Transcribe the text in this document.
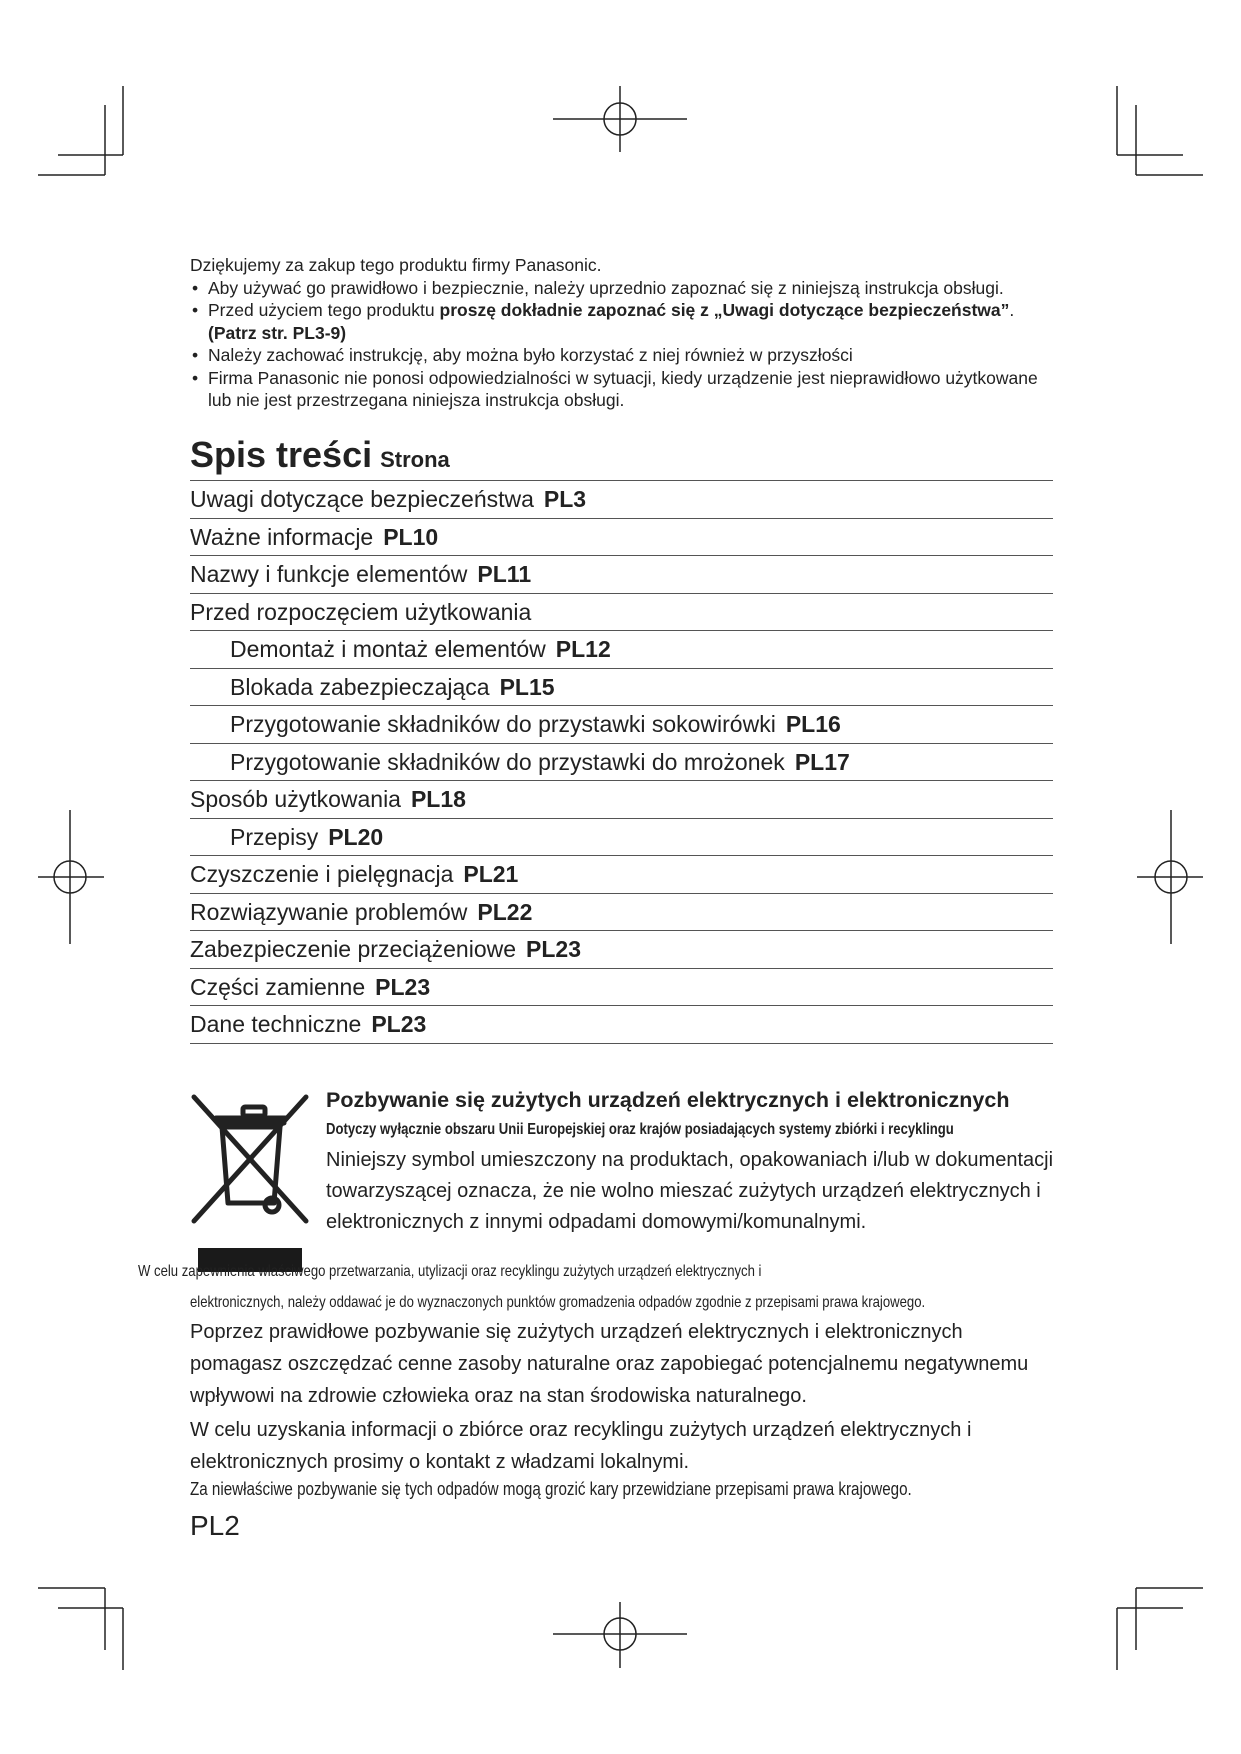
Dziękujemy za zakup tego produktu firmy Panasonic.
• Aby używać go prawidłowo i bezpiecznie, należy uprzednio zapoznać się z niniejszą instrukcja obsługi.
• Przed użyciem tego produktu proszę dokładnie zapoznać się z „Uwagi dotyczące bezpieczeństwa”. (Patrz str. PL3-9)
• Należy zachować instrukcję, aby można było korzystać z niej również w przyszłości
• Firma Panasonic nie ponosi odpowiedzialności w sytuacji, kiedy urządzenie jest nieprawidłowo użytkowane lub nie jest przestrzegana niniejsza instrukcja obsługi.
Spis treści Strona
Uwagi dotyczące bezpieczeństwa PL3
Ważne informacje PL10
Nazwy i funkcje elementów PL11
Przed rozpoczęciem użytkowania
Demontaż i montaż elementów PL12
Blokada zabezpieczająca PL15
Przygotowanie składników do przystawki sokowirówki PL16
Przygotowanie składników do przystawki do mrożonek PL17
Sposób użytkowania PL18
Przepisy PL20
Czyszczenie i pielęgnacja PL21
Rozwiązywanie problemów PL22
Zabezpieczenie przeciążeniowe PL23
Części zamienne PL23
Dane techniczne PL23
Pozbywanie się zużytych urządzeń elektrycznych i elektronicznych
Dotyczy wyłącznie obszaru Unii Europejskiej oraz krajów posiadających systemy zbiórki i recyklingu
Niniejszy symbol umieszczony na produktach, opakowaniach i/lub w dokumentacji towarzyszącej oznacza, że nie wolno mieszać zużytych urządzeń elektrycznych i elektronicznych z innymi odpadami domowymi/komunalnymi.
W celu zapewnienia właściwego przetwarzania, utylizacji oraz recyklingu zużytych urządzeń elektrycznych i
elektronicznych, należy oddawać je do wyznaczonych punktów gromadzenia odpadów zgodnie z przepisami prawa krajowego.
Poprzez prawidłowe pozbywanie się zużytych urządzeń elektrycznych i elektronicznych pomagasz oszczędzać cenne zasoby naturalne oraz zapobiegać potencjalnemu negatywnemu wpływowi na zdrowie człowieka oraz na stan środowiska naturalnego.
W celu uzyskania informacji o zbiórce oraz recyklingu zużytych urządzeń elektrycznych i elektronicznych prosimy o kontakt z władzami lokalnymi.
Za niewłaściwe pozbywanie się tych odpadów mogą grozić kary przewidziane przepisami prawa krajowego.
PL2
